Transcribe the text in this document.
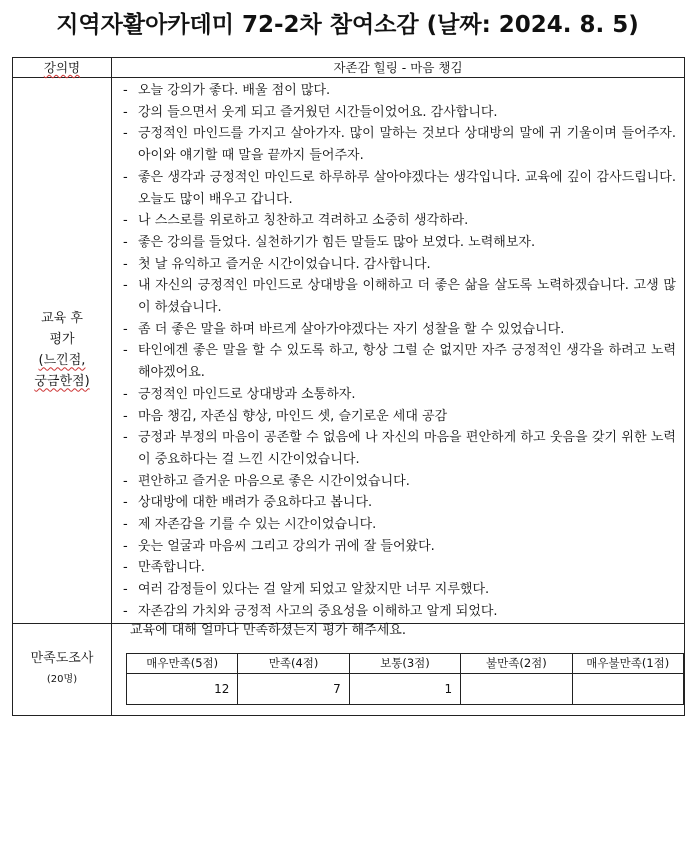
지역자활아카데미 72-2차 참여소감 (날짜: 2024. 8. 5)
강의명	자존감 힐링 - 마음 챙김

교육 후
평가
(느낀점,
궁금한점)

- 오늘 강의가 좋다. 배울 점이 많다.
- 강의 들으면서 웃게 되고 즐거웠던 시간들이었어요. 감사합니다.
- 긍정적인 마인드를 가지고 살아가자. 많이 말하는 것보다 상대방의 말에 귀 기울이며 들어주자. 아이와 얘기할 때 말을 끝까지 들어주자.
- 좋은 생각과 긍정적인 마인드로 하루하루 살아야겠다는 생각입니다. 교육에 깊이 감사드립니다. 오늘도 많이 배우고 갑니다.
- 나 스스로를 위로하고 칭찬하고 격려하고 소중히 생각하라.
- 좋은 강의를 들었다. 실천하기가 힘든 말들도 많아 보였다. 노력해보자.
- 첫 날 유익하고 즐거운 시간이었습니다. 감사합니다.
- 내 자신의 긍정적인 마인드로 상대방을 이해하고 더 좋은 삶을 살도록 노력하겠습니다. 고생 많이 하셨습니다.
- 좀 더 좋은 말을 하며 바르게 살아가야겠다는 자기 성찰을 할 수 있었습니다.
- 타인에겐 좋은 말을 할 수 있도록 하고, 항상 그럴 순 없지만 자주 긍정적인 생각을 하려고 노력해야겠어요.
- 긍정적인 마인드로 상대방과 소통하자.
- 마음 챙김, 자존심 향상, 마인드 셋, 슬기로운 세대 공감
- 긍정과 부정의 마음이 공존할 수 없음에 나 자신의 마음을 편안하게 하고 웃음을 갖기 위한 노력이 중요하다는 걸 느낀 시간이었습니다.
- 편안하고 즐거운 마음으로 좋은 시간이었습니다.
- 상대방에 대한 배려가 중요하다고 봅니다.
- 제 자존감을 기를 수 있는 시간이었습니다.
- 웃는 얼굴과 마음씨 그리고 강의가 귀에 잘 들어왔다.
- 만족합니다.
- 여러 감정들이 있다는 걸 알게 되었고 알찼지만 너무 지루했다.
- 자존감의 가치와 긍정적 사고의 중요성을 이해하고 알게 되었다.

만족도조사
(20명)

교육에 대해 얼마나 만족하셨는지 평가 해주세요.
매우만족(5점)	만족(4점)	보통(3점)	불만족(2점)	매우불만족(1점)
12	7	1		
